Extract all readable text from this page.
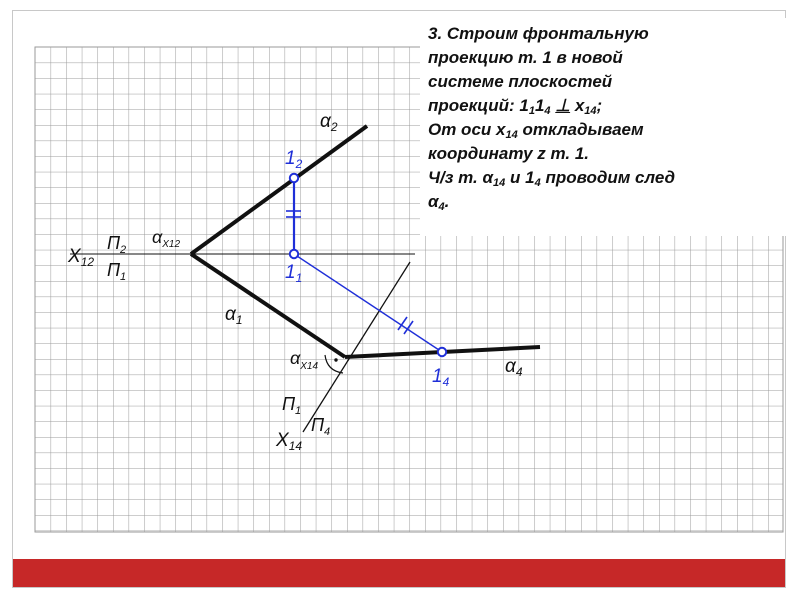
$\alpha_2$
$\alpha_1$
$\alpha_4$
$\alpha_{X12}$
$\alpha_{X14}$
$X_{12}$
$П_2$
$П_1$
$П_1$
$П_4$
$X_{14}$
$1_2$
$1_1$
$1_4$
3. Строим фронтальную
проекцию т. 1 в новой
системе плоскостей
проекций: $1_11_4$ ⊥ $x_{14}$;
От оси $x_{14}$ откладываем
координату z т. 1.
Ч/з т. $\alpha_{14}$ и $1_4$ проводим след
$\alpha_4$.
